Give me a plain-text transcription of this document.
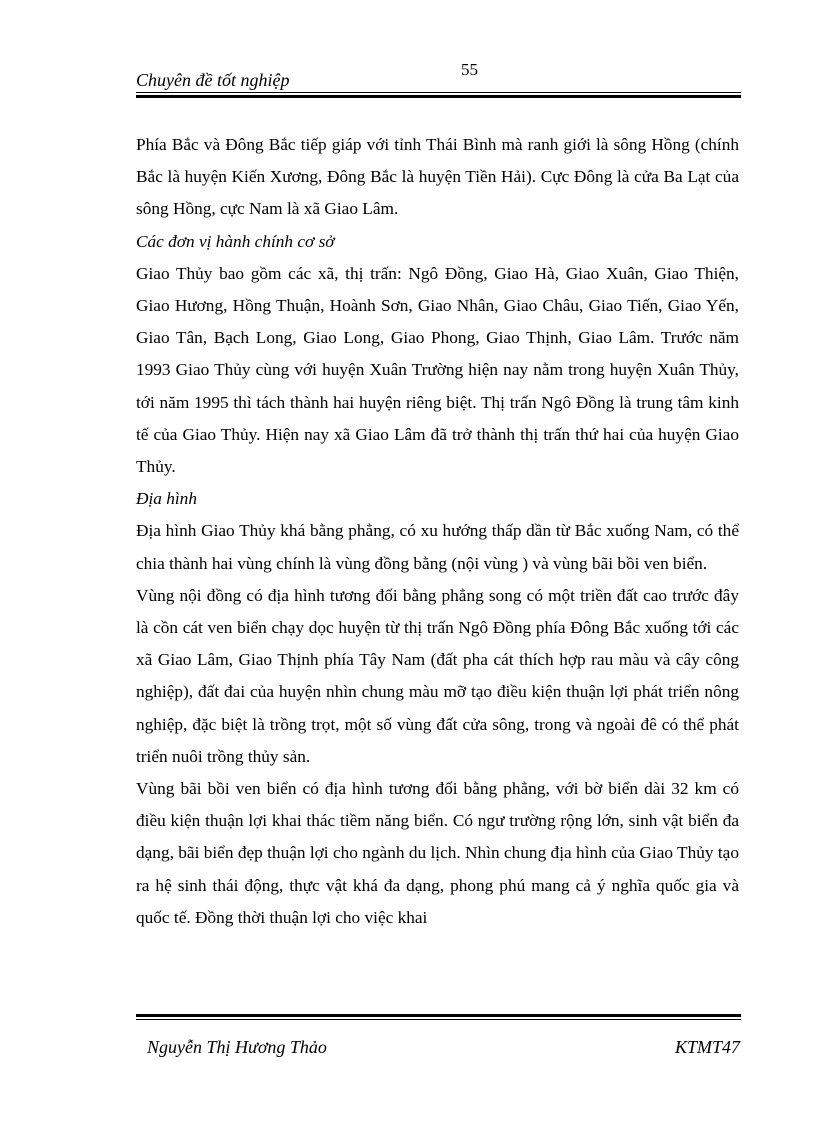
Chuyên đề tốt nghiệp
55

Phía Bắc và Đông Bắc tiếp giáp với tỉnh Thái Bình mà ranh giới là sông Hồng (chính Bắc là huyện Kiến Xương, Đông Bắc là huyện Tiền Hải). Cực Đông là cửa Ba Lạt của sông Hồng, cực Nam là xã Giao Lâm.

Các đơn vị hành chính cơ sở

Giao Thủy bao gồm các xã, thị trấn: Ngô Đồng, Giao Hà, Giao Xuân, Giao Thiện, Giao Hương, Hồng Thuận, Hoành Sơn, Giao Nhân, Giao Châu, Giao Tiến, Giao Yến, Giao Tân, Bạch Long, Giao Long, Giao Phong, Giao Thịnh, Giao Lâm. Trước năm 1993 Giao Thủy cùng với huyện Xuân Trường hiện nay nằm trong huyện Xuân Thủy, tới năm 1995 thì tách thành hai huyện riêng biệt. Thị trấn Ngô Đồng là trung tâm kinh tế của Giao Thủy. Hiện nay xã Giao Lâm đã trở thành thị trấn thứ hai của huyện Giao Thủy.

Địa hình

Địa hình Giao Thủy khá bằng phẳng, có xu hướng thấp dần từ Bắc xuống Nam, có thể chia thành hai vùng chính là vùng đồng bằng (nội vùng ) và vùng bãi bồi ven biển.

Vùng nội đồng có địa hình tương đối bằng phẳng song có một triền đất cao trước đây là cồn cát ven biển chạy dọc huyện từ thị trấn Ngô Đồng phía Đông Bắc xuống tới các xã Giao Lâm, Giao Thịnh phía Tây Nam (đất pha cát thích hợp rau màu và cây công nghiệp), đất đai của huyện nhìn chung màu mỡ tạo điều kiện thuận lợi phát triển nông nghiệp, đặc biệt là trồng trọt, một số vùng đất cửa sông, trong và ngoài đê có thể phát triển nuôi trồng thủy sản.

Vùng bãi bồi ven biển có địa hình tương đối bằng phẳng, với bờ biển dài 32 km có điều kiện thuận lợi khai thác tiềm năng biển. Có ngư trường rộng lớn, sinh vật biển đa dạng, bãi biển đẹp thuận lợi cho ngành du lịch. Nhìn chung địa hình của Giao Thủy tạo ra hệ sinh thái động, thực vật khá đa dạng, phong phú mang cả ý nghĩa quốc gia và quốc tế. Đồng thời thuận lợi cho việc khai

Nguyễn Thị Hương Thảo	KTMT47
